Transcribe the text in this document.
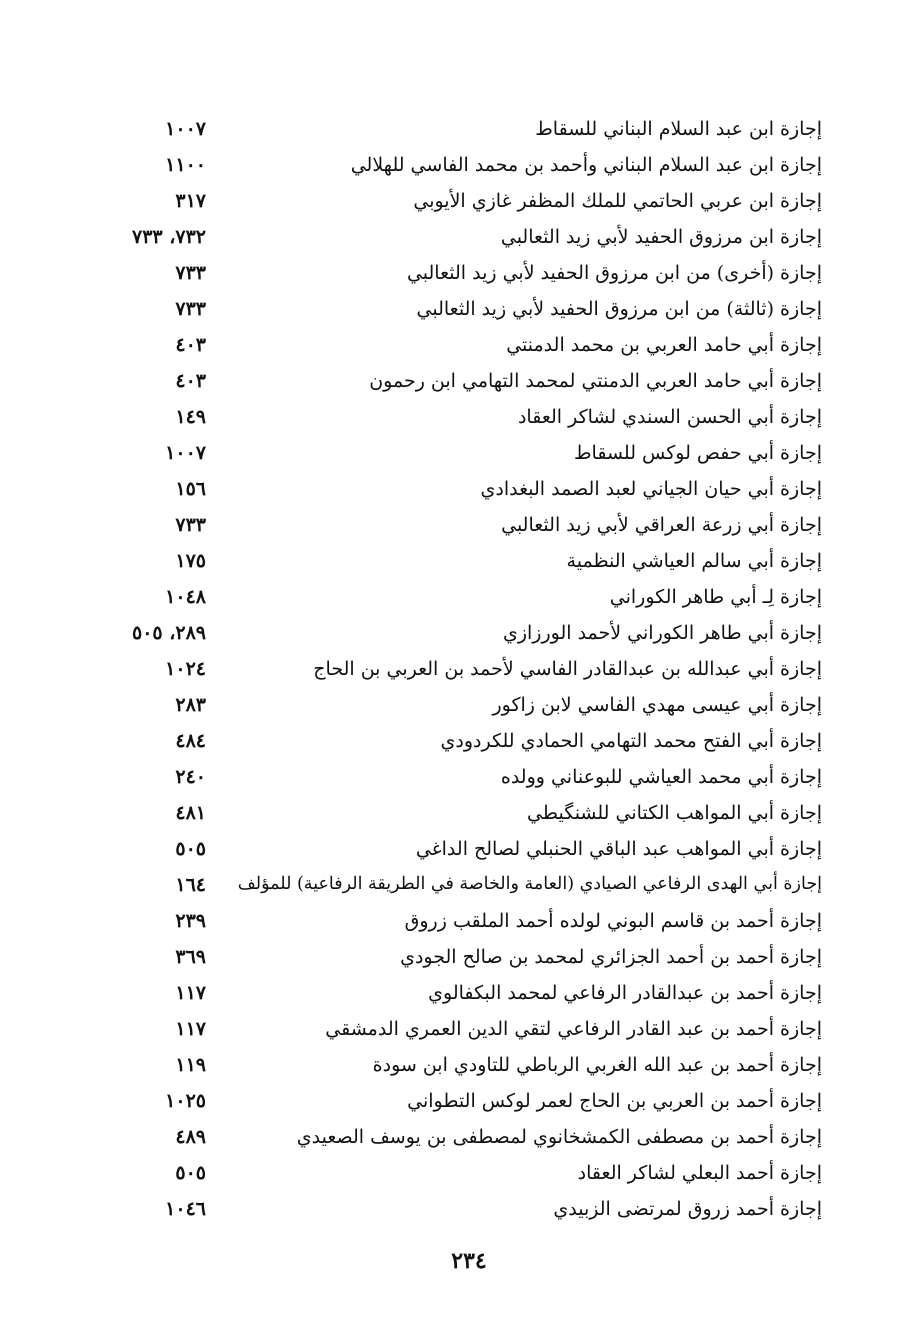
إجازة ابن عبد السلام البناني للسقاط
١٠٠٧
إجازة ابن عبد السلام البناني وأحمد بن محمد الفاسي للهلالي
١١٠٠
إجازة ابن عربي الحاتمي للملك المظفر غازي الأيوبي
٣١٧
إجازة ابن مرزوق الحفيد لأبي زيد الثعالبي
٧٣٢، ٧٣٣
إجازة (أخرى) من ابن مرزوق الحفيد لأبي زيد الثعالبي
٧٣٣
إجازة (ثالثة) من ابن مرزوق الحفيد لأبي زيد الثعالبي
٧٣٣
إجازة أبي حامد العربي بن محمد الدمنتي
٤٠٣
إجازة أبي حامد العربي الدمنتي لمحمد التهامي ابن رحمون
٤٠٣
إجازة أبي الحسن السندي لشاكر العقاد
١٤٩
إجازة أبي حفص لوكس للسقاط
١٠٠٧
إجازة أبي حيان الجياني لعبد الصمد البغدادي
١٥٦
إجازة أبي زرعة العراقي لأبي زيد الثعالبي
٧٣٣
إجازة أبي سالم العياشي النظمية
١٧٥
إجازة لِـ أبي طاهر الكوراني
١٠٤٨
إجازة أبي طاهر الكوراني لأحمد الورزازي
٢٨٩، ٥٠٥
إجازة أبي عبدالله بن عبدالقادر الفاسي لأحمد بن العربي بن الحاج
١٠٢٤
إجازة أبي عيسى مهدي الفاسي لابن زاكور
٢٨٣
إجازة أبي الفتح محمد التهامي الحمادي للكردودي
٤٨٤
إجازة أبي محمد العياشي للبوعناني وولده
٢٤٠
إجازة أبي المواهب الكتاني للشنگيطي
٤٨١
إجازة أبي المواهب عبد الباقي الحنبلي لصالح الداغي
٥٠٥
إجازة أبي الهدى الرفاعي الصيادي (العامة والخاصة في الطريقة الرفاعية) للمؤلف
١٦٤
إجازة أحمد بن قاسم البوني لولده أحمد الملقب زروق
٢٣٩
إجازة أحمد بن أحمد الجزائري لمحمد بن صالح الجودي
٣٦٩
إجازة أحمد بن عبدالقادر الرفاعي لمحمد البكفالوي
١١٧
إجازة أحمد بن عبد القادر الرفاعي لتقي الدين العمري الدمشقي
١١٧
إجازة أحمد بن عبد الله الغربي الرباطي للتاودي ابن سودة
١١٩
إجازة أحمد بن العربي بن الحاج لعمر لوكس التطواني
١٠٢٥
إجازة أحمد بن مصطفى الكمشخانوي لمصطفى بن يوسف الصعيدي
٤٨٩
إجازة أحمد البعلي لشاكر العقاد
٥٠٥
إجازة أحمد زروق لمرتضى الزبيدي
١٠٤٦
٢٣٤
